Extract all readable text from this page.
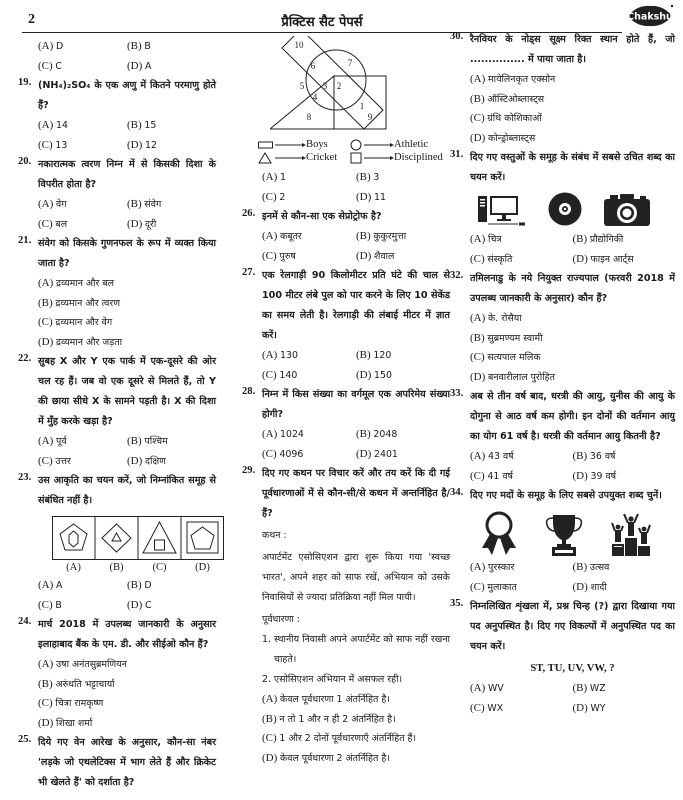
2	प्रैक्टिस सैट पेपर्स	Chakshu
(A) D	(B) B
(C) C	(D) A
19. (NH₄)₂SO₄ के एक अणु में कितने परमाणु होते हैं?
(A) 14	(B) 15
(C) 13	(D) 12
20. नकारात्मक त्वरण निम्न में से किसकी दिशा के विपरीत होता है?
(A) वेग	(B) संवेग
(C) बल	(D) दूरी
21. संवेग को किसके गुणनफल के रूप में व्यक्त किया जाता है?
(A) द्रव्यमान और बल
(B) द्रव्यमान और त्वरण
(C) द्रव्यमान और वेग
(D) द्रव्यमान और जड़ता
22. सुबह X और Y एक पार्क में एक-दूसरे की ओर चल रह हैं। जब वो एक दूसरे से मिलते हैं, तो Y की छाया सीधे X के सामने पड़ती है। X की दिशा में मुँह करके खड़ा है?
(A) पूर्व	(B) पश्चिम
(C) उत्तर	(D) दक्षिण
23. उस आकृति का चयन करें, जो निम्नांकित समूह से संबंधित नहीं है।
(A)	(B)	(C)	(D)
(A) A	(B) D
(C) B	(D) C
24. मार्च 2018 में उपलब्ध जानकारी के अनुसार इलाहाबाद बैंक के एम. डी. और सीईओ कौन हैं?
(A) उषा अनंतसुब्रमणियन
(B) अरुंधति भट्टाचार्या
(C) चित्रा रामकृष्ण
(D) शिखा शर्मा
25. दिये गए वेन आरेख के अनुसार, कौन-सा नंबर 'लड़के जो एथलेटिक्स में भाग लेते हैं और क्रिकेट भी खेलते हैं' को दर्शाता है?
10
6	7
5 3 2
4
1
8	9
Boys	Athletic
Cricket	Disciplined
(A) 1	(B) 3
(C) 2	(D) 11
26. इनमें से कौन-सा एक सेप्रोट्रोफ है?
(A) कबूतर	(B) कुकुरमुत्ता
(C) पुरुष	(D) शैवाल
27. एक रेलगाड़ी 90 किलोमीटर प्रति घंटे की चाल से 100 मीटर लंबे पुल को पार करने के लिए 10 सेकेंड का समय लेती है। रेलगाड़ी की लंबाई मीटर में ज्ञात करें।
(A) 130	(B) 120
(C) 140	(D) 150
28. निम्न में किस संख्या का वर्गमूल एक अपरिमेय संख्या होगी?
(A) 1024	(B) 2048
(C) 4096	(D) 2401
29. दिए गए कथन पर विचार करें और तय करें कि दी गई पूर्वधारणाओं में से कौन-सी/से कथन में अन्तर्निहित है/हैं?
कथन :
अपार्टमेंट एसोसिएशन द्वारा शुरू किया गया 'स्वच्छ भारत', अपने शहर को साफ रखें, अभियान को उसके निवासियों से ज्यादा प्रतिक्रिया नहीं मिल पायी।
पूर्वधारणा :
1. स्थानीय निवासी अपने अपार्टमेंट को साफ नहीं रखना चाहते।
2. एसोसिएशन अभियान में असफल रही।
(A) केवल पूर्वधारणा 1 अंतर्निहित है।
(B) न तो 1 और न ही 2 अंतर्निहित है।
(C) 1 और 2 दोनों पूर्वधारणाएँ अंतर्निहित हैं।
(D) केवल पूर्वधारणा 2 अंतर्निहित है।
30. रैनवियर के नोड्स सूक्ष्म रिक्त स्थान होते हैं, जो ............... में पाया जाता है।
(A) मायेलिनकृत एक्सोन
(B) ऑस्टिओब्लास्ट्स
(C) ग्रंथि कोशिकाओं
(D) कोन्ड्रोब्लास्ट्स
31. दिए गए वस्तुओं के समूह के संबंध में सबसे उचित शब्द का चयन करें।
(A) चित्र	(B) प्रौद्योगिकी
(C) संस्कृति	(D) फाइन आर्ट्स
32. तमिलनाडु के नये नियुक्त राज्यपाल (फरवरी 2018 में उपलब्ध जानकारी के अनुसार) कौन हैं?
(A) के. रोसैया
(B) सुब्रमण्यम स्वामी
(C) सत्यपाल मलिक
(D) बनवारीलाल पुरोहित
33. अब से तीन वर्ष बाद, धरत्री की आयु, युनीस की आयु के दोगुना से आठ वर्ष कम होगी। इन दोनों की वर्तमान आयु का योग 61 वर्ष है। धरत्री की वर्तमान आयु कितनी है?
(A) 43 वर्ष	(B) 36 वर्ष
(C) 41 वर्ष	(D) 39 वर्ष
34. दिए गए मदों के समूह के लिए सबसे उपयुक्त शब्द चुनें।
(A) पुरस्कार	(B) उत्सव
(C) मुलाकात	(D) शादी
35. निम्नलिखित शृंखला में, प्रश्न चिन्ह (?) द्वारा दिखाया गया पद अनुपस्थित है। दिए गए विकल्पों में अनुपस्थित पद का चयन करें।
ST, TU, UV, VW, ?
(A) WV	(B) WZ
(C) WX	(D) WY
